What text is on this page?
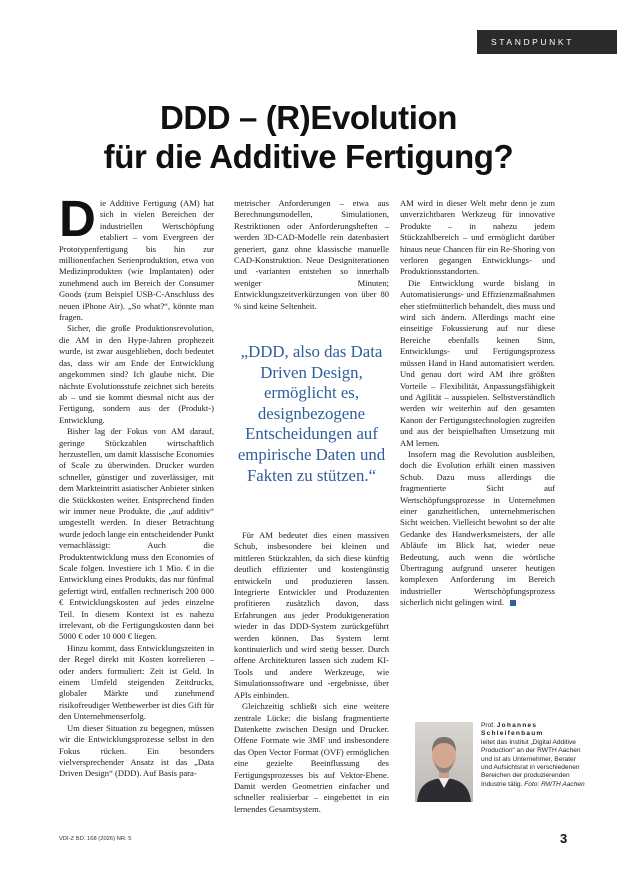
STANDPUNKT
DDD – (R)Evolution
für die Additive Fertigung?

Die Additive Fertigung (AM) hat sich in vielen Bereichen der industriellen Wertschöpfung etabliert – vom Evergreen der Prototypenfertigung bis hin zur millionenfachen Serienproduktion, etwa von Medizinprodukten (wie Implantaten) oder zunehmend auch im Bereich der Consumer Goods (zum Beispiel USB-C-Anschluss des neuen iPhone Air). „So what?“, könnte man fragen.

Sicher, die große Produktionsrevolution, die AM in den Hype-Jahren prophezeit wurde, ist zwar ausgeblieben, doch bedeutet das, dass wir am Ende der Entwicklung angekommen sind? Ich glaube nicht. Die nächste Evolutionsstufe zeichnet sich bereits ab – und sie kommt diesmal nicht aus der Fertigung, sondern aus der (Produkt-) Entwicklung.

Bisher lag der Fokus von AM darauf, geringe Stückzahlen wirtschaftlich herzustellen, um damit klassische Economies of Scale zu überwinden. Drucker wurden schneller, günstiger und zuverlässiger, mit dem Markteintritt asiatischer Anbieter sinken die Stückkosten weiter. Entsprechend finden wir immer neue Produkte, die „auf additiv“ umgestellt werden. In dieser Betrachtung wurde jedoch lange ein entscheidender Punkt vernachlässigt: Auch die Produktentwicklung muss den Economies of Scale folgen. Investiere ich 1 Mio. € in die Entwicklung eines Produkts, das nur fünfmal gefertigt wird, entfallen rechnerisch 200 000 € Entwicklungskosten auf jedes einzelne Teil. In diesem Kontext ist es nahezu irrelevant, ob die Fertigungskosten dann bei 5000 € oder 10 000 € liegen.

Hinzu kommt, dass Entwicklungszeiten in der Regel direkt mit Kosten korrelieren – oder anders formuliert: Zeit ist Geld. In einem Umfeld steigenden Zeitdrucks, globaler Märkte und zunehmend risikofreudiger Wettbewerber ist dies Gift für den Unternehmenserfolg.

Um dieser Situation zu begegnen, müssen wir die Entwicklungsprozesse selbst in den Fokus rücken. Ein besonders vielversprechender Ansatz ist das „Data Driven Design“ (DDD). Auf Basis para-

metrischer Anforderungen – etwa aus Berechnungsmodellen, Simulationen, Restriktionen oder Anforderungsheften – werden 3D-CAD-Modelle rein datenbasiert generiert, ganz ohne klassische manuelle CAD-Konstruktion. Neue Designiterationen und -varianten entstehen so innerhalb weniger Minuten; Entwicklungszeitverkürzungen von über 80 % sind keine Seltenheit.

„DDD, also das Data Driven Design, ermöglicht es, designbezogene Entscheidungen auf empirische Daten und Fakten zu stützen.“

Für AM bedeutet dies einen massiven Schub, insbesondere bei kleinen und mittleren Stückzahlen, da sich diese künftig deutlich effizienter und kostengünstig entwickeln und produzieren lassen. Integrierte Entwickler und Produzenten profitieren zusätzlich davon, dass Erfahrungen aus jeder Produktgeneration wieder in das DDD-System zurückgeführt werden können. Das System lernt kontinuierlich und wird stetig besser. Durch offene Architekturen lassen sich zudem KI-Tools und andere Werkzeuge, wie Simulationssoftware und -ergebnisse, über APIs einbinden.

Gleichzeitig schließt sich eine weitere zentrale Lücke: die bislang fragmentierte Datenkette zwischen Design und Drucker. Offene Formate wie 3MF und insbesondere das Open Vector Format (OVF) ermöglichen eine gezielte Beeinflussung des Fertigungsprozesses bis auf Vektor-Ebene. Damit werden Geometrien einfacher und schneller realisierbar – eingebettet in ein lernendes Gesamtsystem.

AM wird in dieser Welt mehr denn je zum unverzichtbaren Werkzeug für innovative Produkte – in nahezu jedem Stückzahlbereich – und ermöglicht darüber hinaus neue Chancen für ein Re-Shoring von verloren gegangen Entwicklungs- und Produktionsstandorten.

Die Entwicklung wurde bislang in Automatisierungs- und Effizienzmaßnahmen eher stiefmütterlich behandelt, dies muss und wird sich ändern. Allerdings macht eine einseitige Fokussierung auf nur diese Bereiche ebenfalls keinen Sinn, Entwicklungs- und Fertigungsprozess müssen Hand in Hand automatisiert werden. Und genau dort wird AM ihre größten Vorteile – Flexibilität, Anpassungsfähigkeit und Agilität – ausspielen. Selbstverständlich werden wir weiterhin auf den gesamten Kanon der Fertigungstechnologien zugreifen und aus der beispielhaften Umsetzung mit AM lernen.

Insofern mag die Revolution ausbleiben, doch die Evolution erhält einen massiven Schub. Dazu muss allerdings die fragmentierte Sicht auf Wertschöpfungsprozesse in Unternehmen einer ganzheitlichen, unternehmerischen Sicht weichen. Vielleicht bewohnt so der alte Gedanke des Handwerksmeisters, der alle Abläufe im Blick hat, wieder neue Bedeutung, auch wenn die wörtliche Übertragung aufgrund unserer heutigen komplexen Anforderung im Bereich industrieller Wertschöpfungsprozess sicherlich nicht gelingen wird.

Prof. Johannes Schleifenbaum
leitet das Institut „Digital Additive Production“ an der RWTH Aachen und ist als Unternehmer, Berater und Aufsichtsrat in verschiedenen Bereichen der produzierenden Industrie tätig. Foto: RWTH Aachen
VDI-Z BD. 168 (2026) NR. 5	3
